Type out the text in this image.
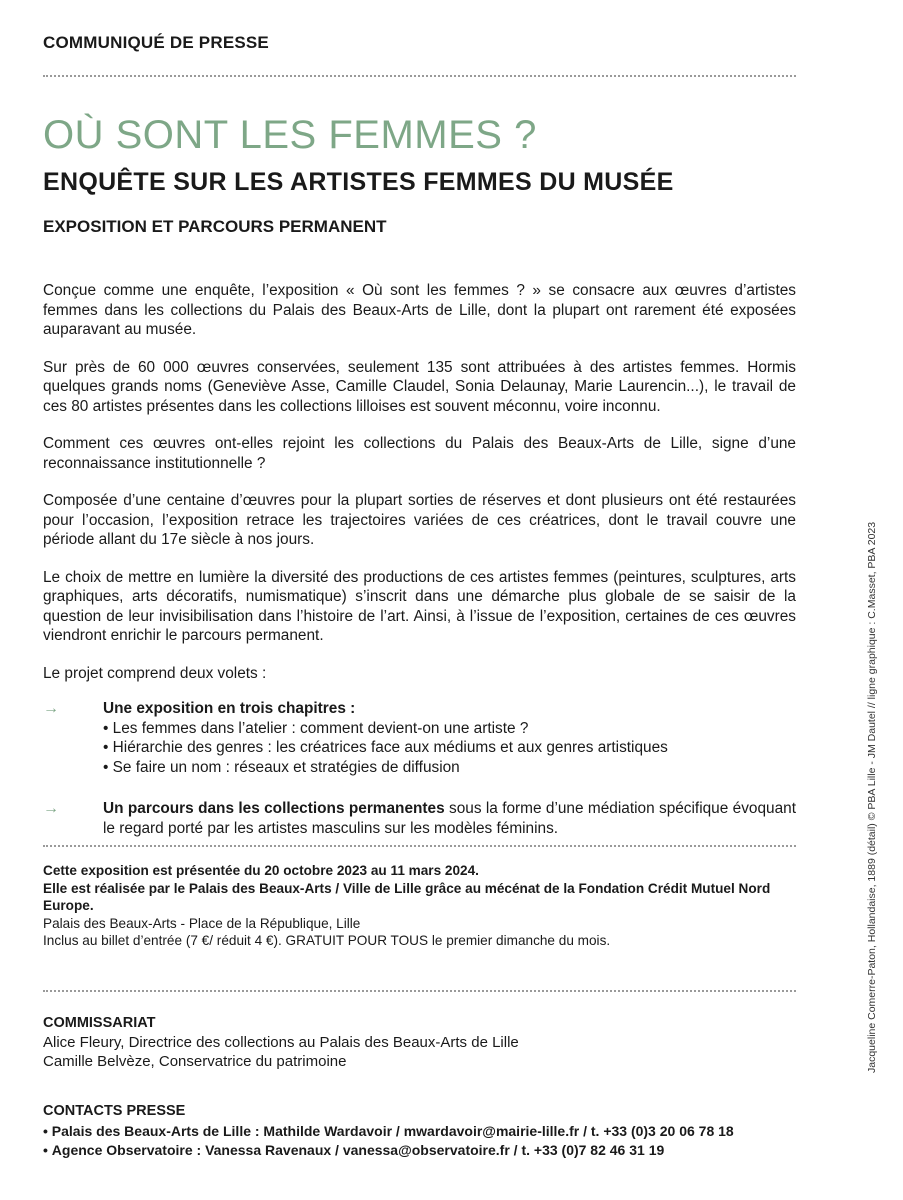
COMMUNIQUÉ DE PRESSE
OÙ SONT LES FEMMES ?
ENQUÊTE SUR LES ARTISTES FEMMES DU MUSÉE
EXPOSITION ET PARCOURS PERMANENT

Conçue comme une enquête, l’exposition « Où sont les femmes ? » se consacre aux œuvres d’artistes femmes dans les collections du Palais des Beaux-Arts de Lille, dont la plupart ont rarement été exposées auparavant au musée.

Sur près de 60 000 œuvres conservées, seulement 135 sont attribuées à des artistes femmes. Hormis quelques grands noms (Geneviève Asse, Camille Claudel, Sonia Delaunay, Marie Laurencin...), le travail de ces 80 artistes présentes dans les collections lilloises est souvent méconnu, voire inconnu.

Comment ces œuvres ont-elles rejoint les collections du Palais des Beaux-Arts de Lille, signe d’une reconnaissance institutionnelle ?

Composée d’une centaine d’œuvres pour la plupart sorties de réserves et dont plusieurs ont été restaurées pour l’occasion, l’exposition retrace les trajectoires variées de ces créatrices, dont le travail couvre une période allant du 17e siècle à nos jours.

Le choix de mettre en lumière la diversité des productions de ces artistes femmes (peintures, sculptures, arts graphiques, arts décoratifs, numismatique) s’inscrit dans une démarche plus globale de se saisir de la question de leur invisibilisation dans l’histoire de l’art. Ainsi, à l’issue de l’exposition, certaines de ces œuvres viendront enrichir le parcours permanent.

Le projet comprend deux volets :

→	Une exposition en trois chapitres :
• Les femmes dans l’atelier : comment devient-on une artiste ?
• Hiérarchie des genres : les créatrices face aux médiums et aux genres artistiques
• Se faire un nom : réseaux et stratégies de diffusion
→	Un parcours dans les collections permanentes sous la forme d’une médiation spécifique évoquant le regard porté par les artistes masculins sur les modèles féminins.

Cette exposition est présentée du 20 octobre 2023 au 11 mars 2024.
Elle est réalisée par le Palais des Beaux-Arts / Ville de Lille grâce au mécénat de la Fondation Crédit Mutuel Nord Europe.
Palais des Beaux-Arts - Place de la République, Lille
Inclus au billet d’entrée (7 €/ réduit 4 €). GRATUIT POUR TOUS le premier dimanche du mois.
COMMISSARIAT
Alice Fleury, Directrice des collections au Palais des Beaux-Arts de Lille
Camille Belvèze, Conservatrice du patrimoine
CONTACTS PRESSE
• Palais des Beaux-Arts de Lille : Mathilde Wardavoir / mwardavoir@mairie-lille.fr / t. +33 (0)3 20 06 78 18
• Agence Observatoire : Vanessa Ravenaux / vanessa@observatoire.fr / t. +33 (0)7 82 46 31 19
Jacqueline Comerre-Paton, Hollandaise, 1889 (détail) © PBA Lille - JM Dautel // ligne graphique : C.Masset, PBA 2023
